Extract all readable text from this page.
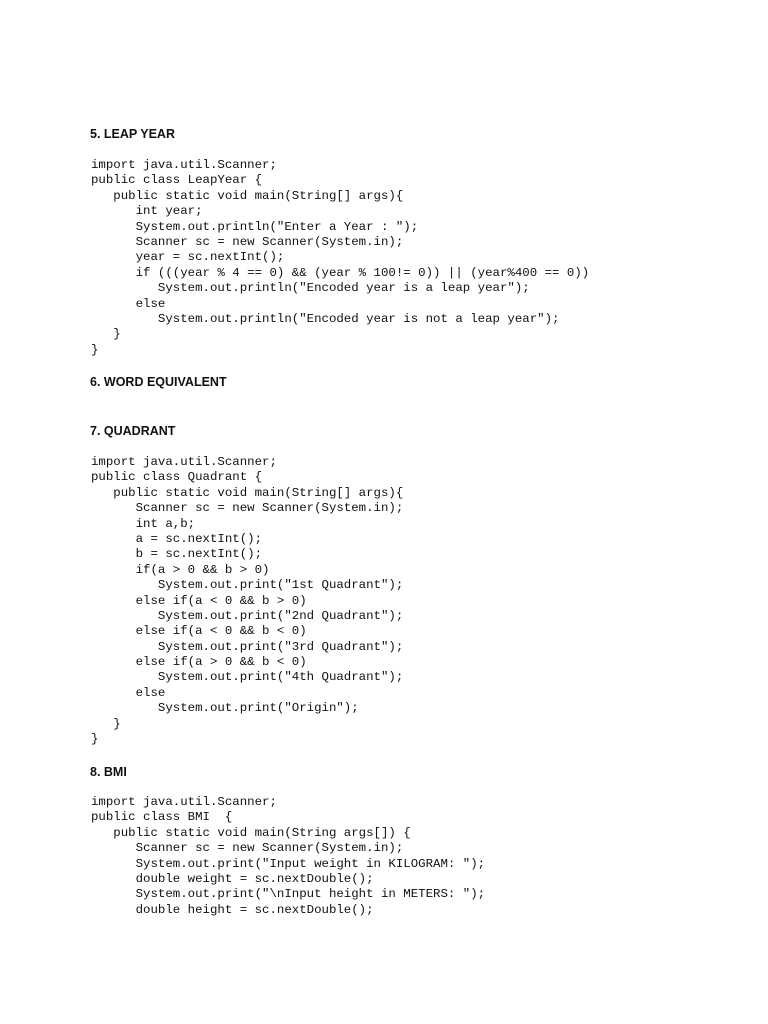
5. LEAP YEAR
import java.util.Scanner;
public class LeapYear {
public static void main(String[] args){
int year;
System.out.println("Enter a Year : ");
Scanner sc = new Scanner(System.in);
year = sc.nextInt();
if (((year % 4 == 0) && (year % 100!= 0)) || (year%400 == 0))
System.out.println("Encoded year is a leap year");
else
System.out.println("Encoded year is not a leap year");
}
}
6. WORD EQUIVALENT
7. QUADRANT
import java.util.Scanner;
public class Quadrant {
public static void main(String[] args){
Scanner sc = new Scanner(System.in);
int a,b;
a = sc.nextInt();
b = sc.nextInt();
if(a > 0 && b > 0)
System.out.print("1st Quadrant");
else if(a < 0 && b > 0)
System.out.print("2nd Quadrant");
else if(a < 0 && b < 0)
System.out.print("3rd Quadrant");
else if(a > 0 && b < 0)
System.out.print("4th Quadrant");
else
System.out.print("Origin");
}
}
8. BMI
import java.util.Scanner;
public class BMI  {
public static void main(String args[]) {
Scanner sc = new Scanner(System.in);
System.out.print("Input weight in KILOGRAM: ");
double weight = sc.nextDouble();
System.out.print("\nInput height in METERS: ");
double height = sc.nextDouble();
